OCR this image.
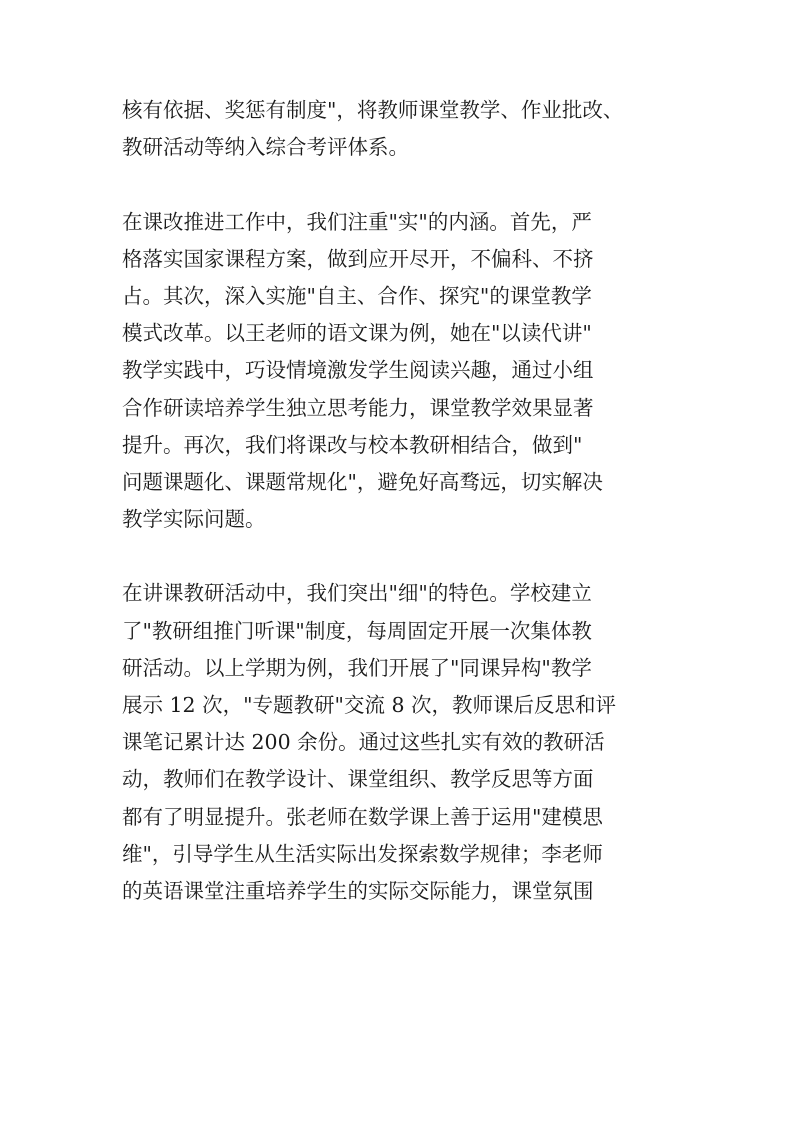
核有依据、奖惩有制度"，将教师课堂教学、作业批改、
教研活动等纳入综合考评体系。
在课改推进工作中，我们注重"实"的内涵。首先，严
格落实国家课程方案，做到应开尽开，不偏科、不挤
占。其次，深入实施"自主、合作、探究"的课堂教学
模式改革。以王老师的语文课为例，她在"以读代讲"
教学实践中，巧设情境激发学生阅读兴趣，通过小组
合作研读培养学生独立思考能力，课堂教学效果显著
提升。再次，我们将课改与校本教研相结合，做到"
问题课题化、课题常规化"，避免好高骛远，切实解决
教学实际问题。
在讲课教研活动中，我们突出"细"的特色。学校建立
了"教研组推门听课"制度，每周固定开展一次集体教
研活动。以上学期为例，我们开展了"同课异构"教学
展示 12 次，"专题教研"交流 8 次，教师课后反思和评
课笔记累计达 200 余份。通过这些扎实有效的教研活
动，教师们在教学设计、课堂组织、教学反思等方面
都有了明显提升。张老师在数学课上善于运用"建模思
维"，引导学生从生活实际出发探索数学规律；李老师
的英语课堂注重培养学生的实际交际能力，课堂氛围
